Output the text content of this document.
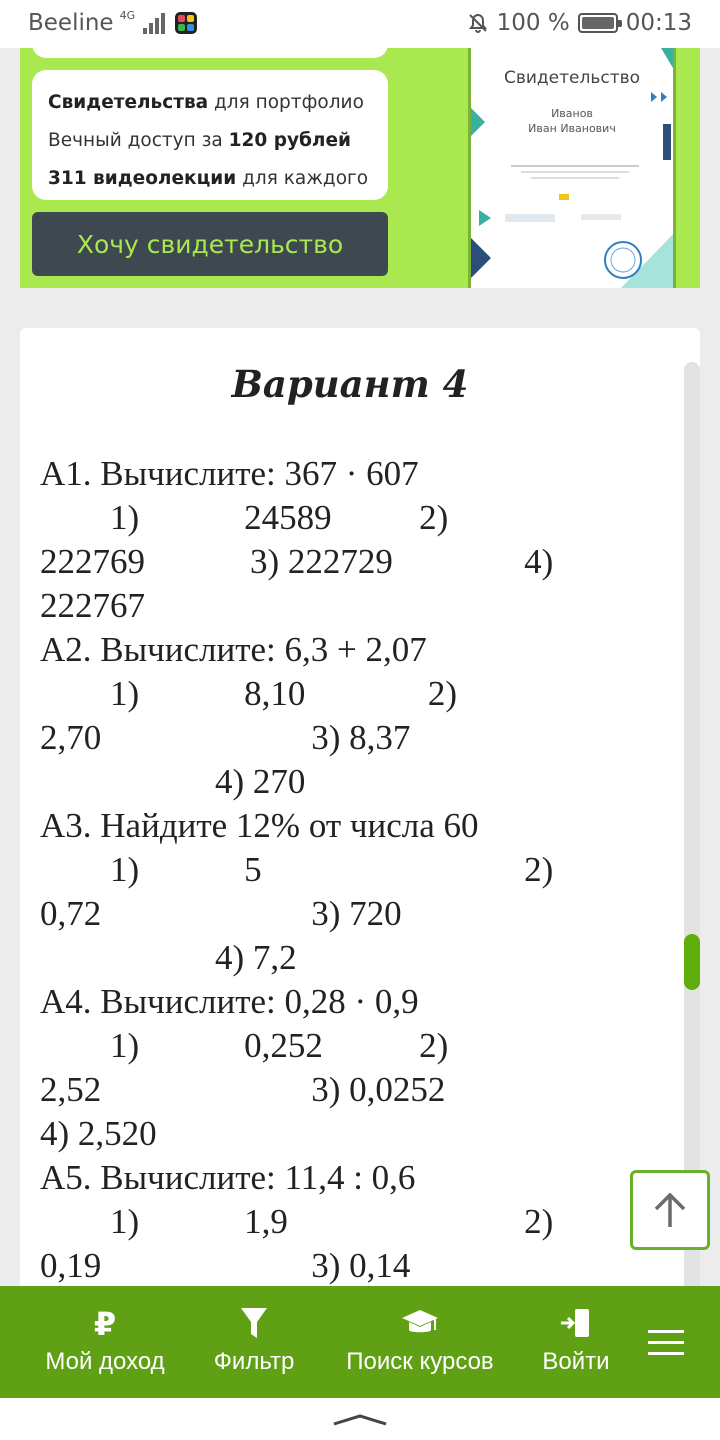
Beeline 4G	100 % 00:13
Свидетельства для портфолио
Вечный доступ за 120 рублей
311 видеолекции для каждого
Хочу свидетельство
Свидетельство
Иванов
Иван Иванович
Вариант 4
А1. Вычислите: 367 · 607
1)            24589          2)
222769            3) 222729               4)
222767
А2. Вычислите: 6,3 + 2,07
1)            8,10              2)
2,70                        3) 8,37
4) 270
А3. Найдите 12% от числа 60
1)            5                              2)
0,72                        3) 720
4) 7,2
А4. Вычислите: 0,28 · 0,9
1)            0,252           2)
2,52                        3) 0,0252
4) 2,520
А5. Вычислите: 11,4 : 0,6
1)            1,9                           2)
0,19                        3) 0,14
₽
Мой доход Фильтр Поиск курсов Войти
